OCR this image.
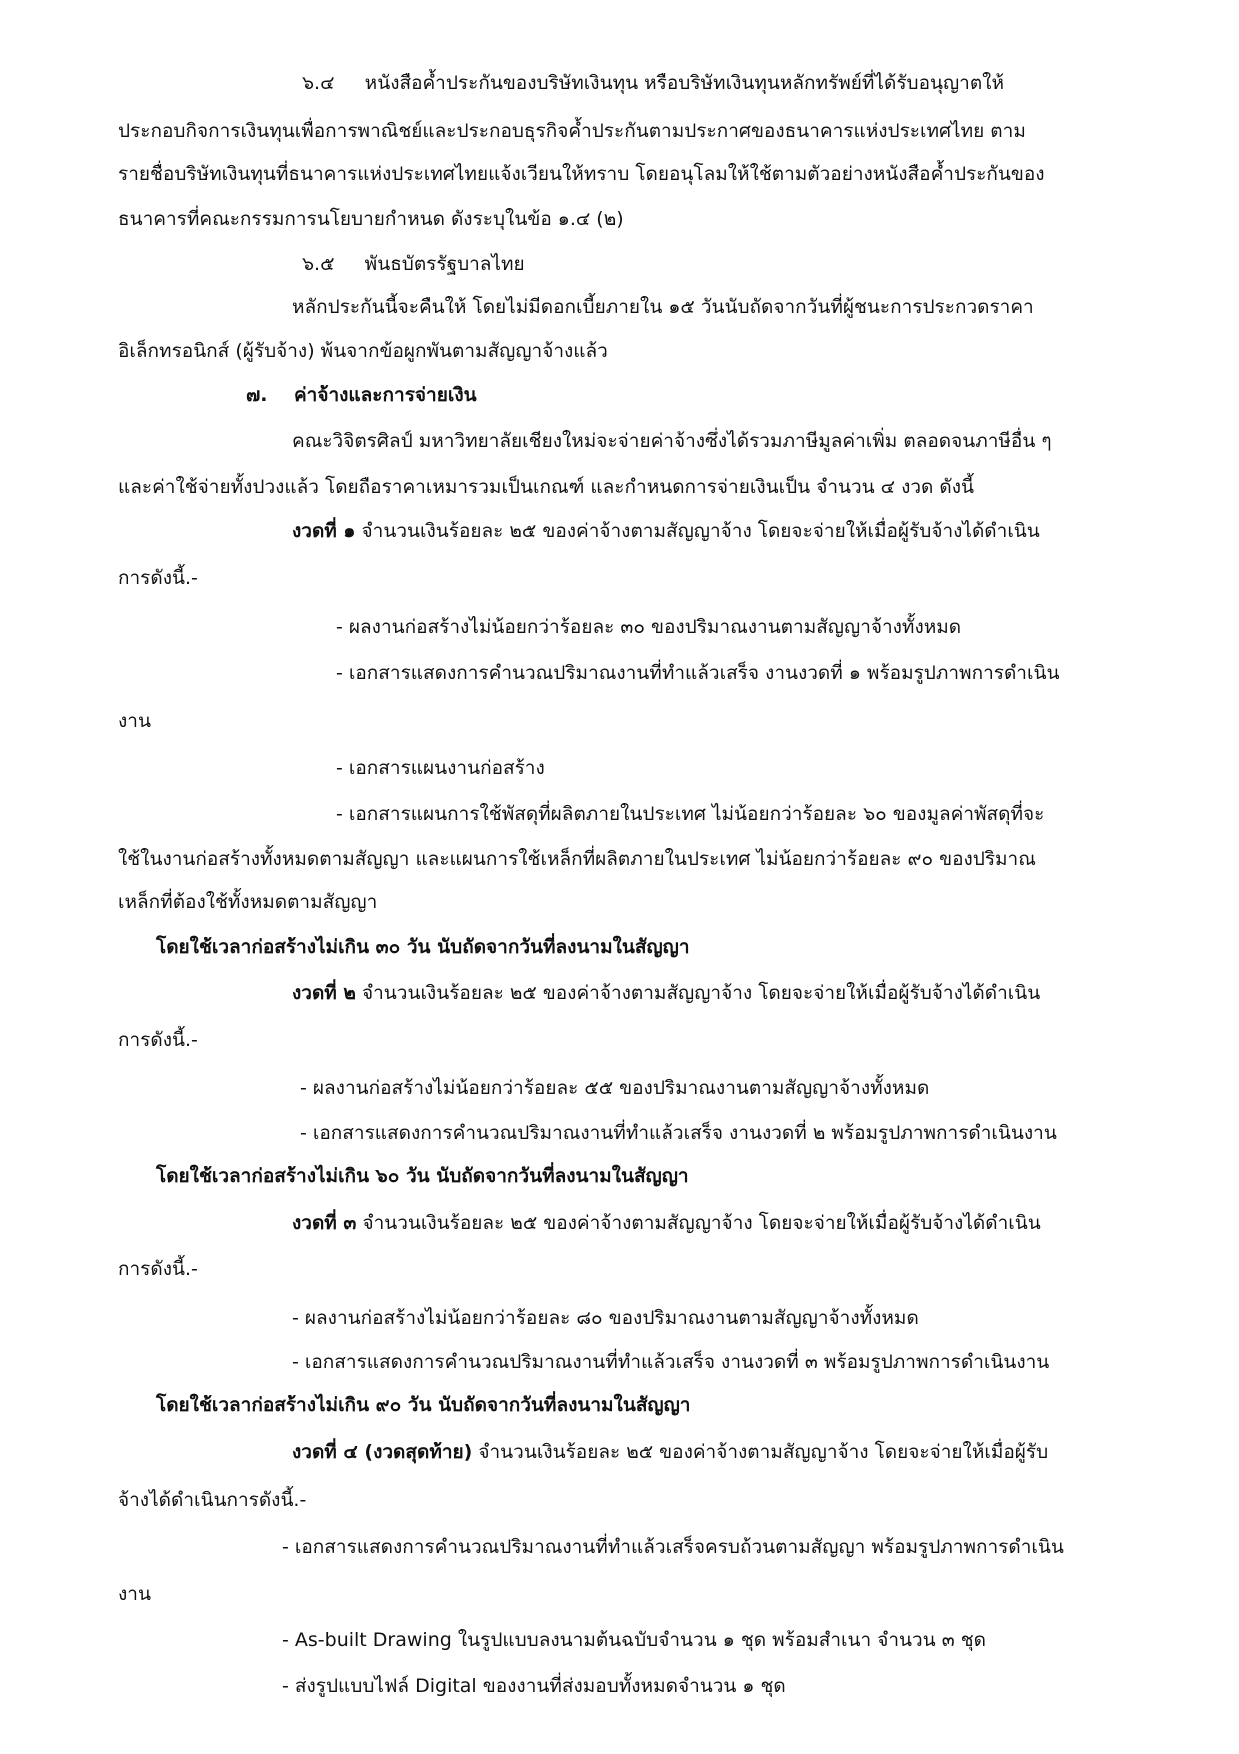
๖.๔     หนังสือค้ำประกันของบริษัทเงินทุน หรือบริษัทเงินทุนหลักทรัพย์ที่ได้รับอนุญาตให้
ประกอบกิจการเงินทุนเพื่อการพาณิชย์และประกอบธุรกิจค้ำประกันตามประกาศของธนาคารแห่งประเทศไทย ตาม
รายชื่อบริษัทเงินทุนที่ธนาคารแห่งประเทศไทยแจ้งเวียนให้ทราบ โดยอนุโลมให้ใช้ตามตัวอย่างหนังสือค้ำประกันของ
ธนาคารที่คณะกรรมการนโยบายกำหนด ดังระบุในข้อ ๑.๔ (๒)
๖.๕     พันธบัตรรัฐบาลไทย
หลักประกันนี้จะคืนให้ โดยไม่มีดอกเบี้ยภายใน ๑๕ วันนับถัดจากวันที่ผู้ชนะการประกวดราคา
อิเล็กทรอนิกส์ (ผู้รับจ้าง) พ้นจากข้อผูกพันตามสัญญาจ้างแล้ว
๗.    ค่าจ้างและการจ่ายเงิน
คณะวิจิตรศิลป์ มหาวิทยาลัยเชียงใหม่จะจ่ายค่าจ้างซึ่งได้รวมภาษีมูลค่าเพิ่ม ตลอดจนภาษีอื่น ๆ
และค่าใช้จ่ายทั้งปวงแล้ว โดยถือราคาเหมารวมเป็นเกณฑ์ และกำหนดการจ่ายเงินเป็น จำนวน ๔ งวด ดังนี้
งวดที่ ๑ จำนวนเงินร้อยละ ๒๕ ของค่าจ้างตามสัญญาจ้าง โดยจะจ่ายให้เมื่อผู้รับจ้างได้ดำเนิน
การดังนี้.-
- ผลงานก่อสร้างไม่น้อยกว่าร้อยละ ๓๐ ของปริมาณงานตามสัญญาจ้างทั้งหมด
- เอกสารแสดงการคำนวณปริมาณงานที่ทำแล้วเสร็จ งานงวดที่ ๑ พร้อมรูปภาพการดำเนิน
งาน
- เอกสารแผนงานก่อสร้าง
- เอกสารแผนการใช้พัสดุที่ผลิตภายในประเทศ ไม่น้อยกว่าร้อยละ ๖๐ ของมูลค่าพัสดุที่จะ
ใช้ในงานก่อสร้างทั้งหมดตามสัญญา และแผนการใช้เหล็กที่ผลิตภายในประเทศ ไม่น้อยกว่าร้อยละ ๙๐ ของปริมาณ
เหล็กที่ต้องใช้ทั้งหมดตามสัญญา
โดยใช้เวลาก่อสร้างไม่เกิน ๓๐ วัน นับถัดจากวันที่ลงนามในสัญญา
งวดที่ ๒ จำนวนเงินร้อยละ ๒๕ ของค่าจ้างตามสัญญาจ้าง โดยจะจ่ายให้เมื่อผู้รับจ้างได้ดำเนิน
การดังนี้.-
- ผลงานก่อสร้างไม่น้อยกว่าร้อยละ ๕๕ ของปริมาณงานตามสัญญาจ้างทั้งหมด
- เอกสารแสดงการคำนวณปริมาณงานที่ทำแล้วเสร็จ งานงวดที่ ๒ พร้อมรูปภาพการดำเนินงาน
โดยใช้เวลาก่อสร้างไม่เกิน ๖๐ วัน นับถัดจากวันที่ลงนามในสัญญา
งวดที่ ๓ จำนวนเงินร้อยละ ๒๕ ของค่าจ้างตามสัญญาจ้าง โดยจะจ่ายให้เมื่อผู้รับจ้างได้ดำเนิน
การดังนี้.-
- ผลงานก่อสร้างไม่น้อยกว่าร้อยละ ๘๐ ของปริมาณงานตามสัญญาจ้างทั้งหมด
- เอกสารแสดงการคำนวณปริมาณงานที่ทำแล้วเสร็จ งานงวดที่ ๓ พร้อมรูปภาพการดำเนินงาน
โดยใช้เวลาก่อสร้างไม่เกิน ๙๐ วัน นับถัดจากวันที่ลงนามในสัญญา
งวดที่ ๔ (งวดสุดท้าย) จำนวนเงินร้อยละ ๒๕ ของค่าจ้างตามสัญญาจ้าง โดยจะจ่ายให้เมื่อผู้รับ
จ้างได้ดำเนินการดังนี้.-
- เอกสารแสดงการคำนวณปริมาณงานที่ทำแล้วเสร็จครบถ้วนตามสัญญา พร้อมรูปภาพการดำเนิน
งาน
- As-built Drawing ในรูปแบบลงนามต้นฉบับจำนวน ๑ ชุด พร้อมสำเนา จำนวน ๓ ชุด
- ส่งรูปแบบไฟล์ Digital ของงานที่ส่งมอบทั้งหมดจำนวน ๑ ชุด
